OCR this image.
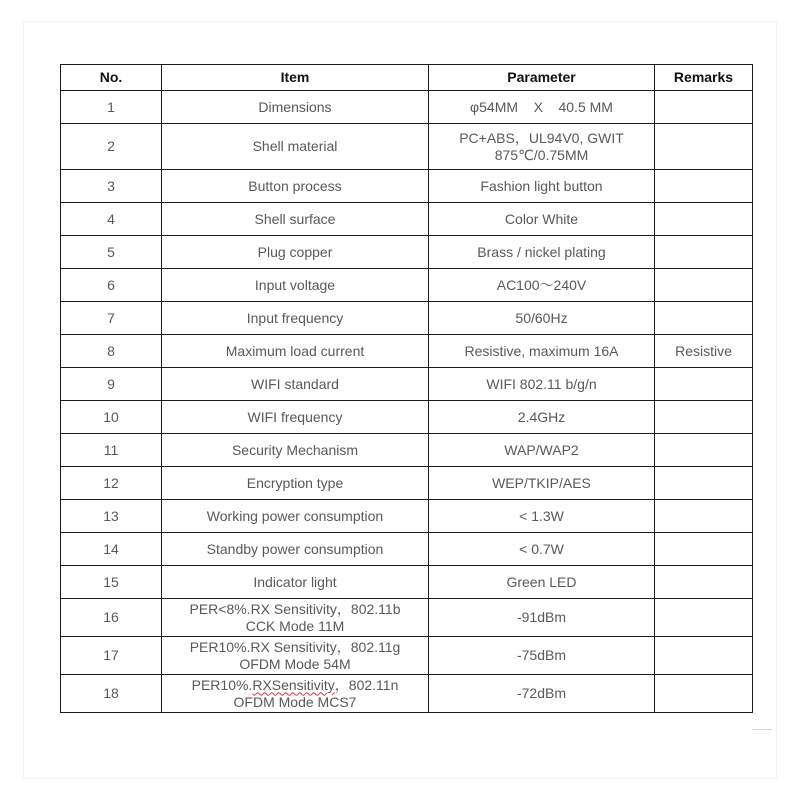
No.	Item	Parameter	Remarks
1	Dimensions	φ54MM    X    40.5 MM	
2	Shell material	PC+ABS，UL94V0, GWIT
875℃/0.75MM	

3	Button process	Fashion light button	
4	Shell surface	Color White	
5	Plug copper	Brass / nickel plating	
6	Input voltage	AC100～240V	
7	Input frequency	50/60Hz	
8	Maximum load current	Resistive, maximum 16A	Resistive
9	WIFI standard	WIFI 802.11 b/g/n	
10	WIFI frequency	2.4GHz	
11	Security Mechanism	WAP/WAP2	
12	Encryption type	WEP/TKIP/AES	
13	Working power consumption	< 1.3W	
14	Standby power consumption	< 0.7W	
15	Indicator light	Green LED	
16	PER<8%.RX Sensitivity，802.11b
CCK Mode 11M	-91dBm	
17	PER10%.RX Sensitivity，802.11g
OFDM Mode 54M	-75dBm	
18	PER10%.RXSensitivity，802.11n
OFDM Mode MCS7	-72dBm	
